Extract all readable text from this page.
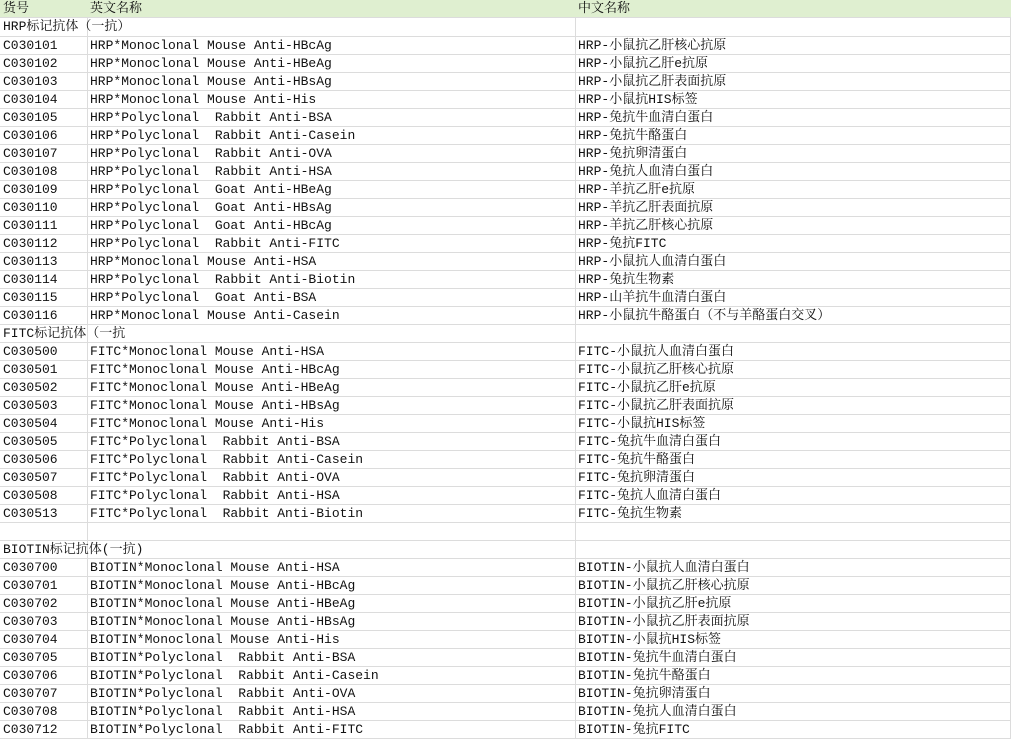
货号	英文名称	中文名称
HRP标记抗体（一抗）
C030101	HRP*Monoclonal Mouse Anti-HBcAg	HRP-小鼠抗乙肝核心抗原
C030102	HRP*Monoclonal Mouse Anti-HBeAg	HRP-小鼠抗乙肝e抗原
C030103	HRP*Monoclonal Mouse Anti-HBsAg	HRP-小鼠抗乙肝表面抗原
C030104	HRP*Monoclonal Mouse Anti-His	HRP-小鼠抗HIS标签
C030105	HRP*Polyclonal  Rabbit Anti-BSA	HRP-兔抗牛血清白蛋白
C030106	HRP*Polyclonal  Rabbit Anti-Casein	HRP-兔抗牛酪蛋白
C030107	HRP*Polyclonal  Rabbit Anti-OVA	HRP-兔抗卵清蛋白
C030108	HRP*Polyclonal  Rabbit Anti-HSA	HRP-兔抗人血清白蛋白
C030109	HRP*Polyclonal  Goat Anti-HBeAg	HRP-羊抗乙肝e抗原
C030110	HRP*Polyclonal  Goat Anti-HBsAg	HRP-羊抗乙肝表面抗原
C030111	HRP*Polyclonal  Goat Anti-HBcAg	HRP-羊抗乙肝核心抗原
C030112	HRP*Polyclonal  Rabbit Anti-FITC	HRP-兔抗FITC
C030113	HRP*Monoclonal Mouse Anti-HSA	HRP-小鼠抗人血清白蛋白
C030114	HRP*Polyclonal  Rabbit Anti-Biotin	HRP-兔抗生物素
C030115	HRP*Polyclonal  Goat Anti-BSA	HRP-山羊抗牛血清白蛋白
C030116	HRP*Monoclonal Mouse Anti-Casein	HRP-小鼠抗牛酪蛋白（不与羊酪蛋白交叉）
FITC标记抗体（一抗
C030500	FITC*Monoclonal Mouse Anti-HSA	FITC-小鼠抗人血清白蛋白
C030501	FITC*Monoclonal Mouse Anti-HBcAg	FITC-小鼠抗乙肝核心抗原
C030502	FITC*Monoclonal Mouse Anti-HBeAg	FITC-小鼠抗乙肝e抗原
C030503	FITC*Monoclonal Mouse Anti-HBsAg	FITC-小鼠抗乙肝表面抗原
C030504	FITC*Monoclonal Mouse Anti-His	FITC-小鼠抗HIS标签
C030505	FITC*Polyclonal  Rabbit Anti-BSA	FITC-兔抗牛血清白蛋白
C030506	FITC*Polyclonal  Rabbit Anti-Casein	FITC-兔抗牛酪蛋白
C030507	FITC*Polyclonal  Rabbit Anti-OVA	FITC-兔抗卵清蛋白
C030508	FITC*Polyclonal  Rabbit Anti-HSA	FITC-兔抗人血清白蛋白
C030513	FITC*Polyclonal  Rabbit Anti-Biotin	FITC-兔抗生物素
BIOTIN标记抗体(一抗)
C030700	BIOTIN*Monoclonal Mouse Anti-HSA	BIOTIN-小鼠抗人血清白蛋白
C030701	BIOTIN*Monoclonal Mouse Anti-HBcAg	BIOTIN-小鼠抗乙肝核心抗原
C030702	BIOTIN*Monoclonal Mouse Anti-HBeAg	BIOTIN-小鼠抗乙肝e抗原
C030703	BIOTIN*Monoclonal Mouse Anti-HBsAg	BIOTIN-小鼠抗乙肝表面抗原
C030704	BIOTIN*Monoclonal Mouse Anti-His	BIOTIN-小鼠抗HIS标签
C030705	BIOTIN*Polyclonal  Rabbit Anti-BSA	BIOTIN-兔抗牛血清白蛋白
C030706	BIOTIN*Polyclonal  Rabbit Anti-Casein	BIOTIN-兔抗牛酪蛋白
C030707	BIOTIN*Polyclonal  Rabbit Anti-OVA	BIOTIN-兔抗卵清蛋白
C030708	BIOTIN*Polyclonal  Rabbit Anti-HSA	BIOTIN-兔抗人血清白蛋白
C030712	BIOTIN*Polyclonal  Rabbit Anti-FITC	BIOTIN-兔抗FITC
